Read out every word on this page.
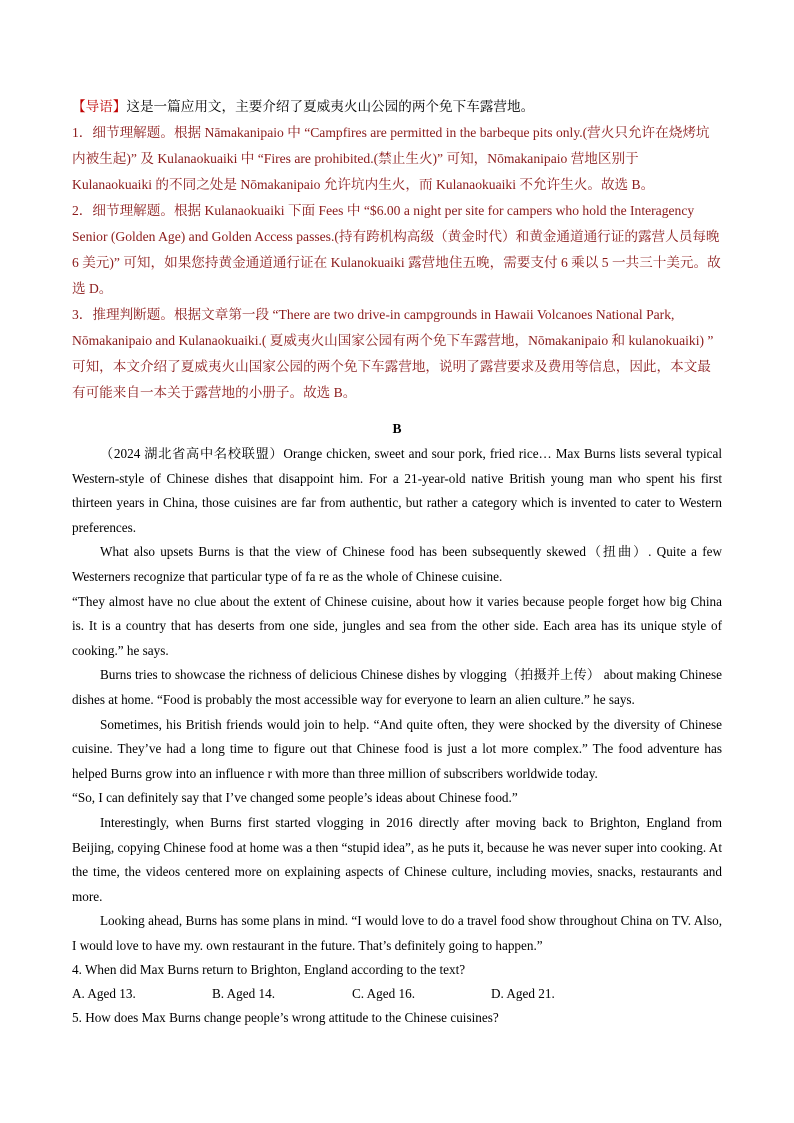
【导语】这是一篇应用文，主要介绍了夏威夷火山公园的两个免下车露营地。

1．细节理解题。根据 Nāmakanipaio 中 “Campfires are permitted in the barbeque pits only.(营火只允许在烧烤坑内被生起)” 及 Kulanaokuaiki 中 “Fires are prohibited.(禁止生火)” 可知，Nōmakanipaio 营地区别于 Kulanaokuaiki 的不同之处是 Nōmakanipaio 允许坑内生火，而 Kulanaokuaiki 不允许生火。故选 B。

2．细节理解题。根据 Kulanaokuaiki 下面 Fees 中 “$6.00 a night per site for campers who hold the Interagency Senior (Golden Age) and Golden Access passes.(持有跨机构高级（黄金时代）和黄金通道通行证的露营人员每晚 6 美元)” 可知，如果您持黄金通道通行证在 Kulanokuaiki 露营地住五晚，需要支付 6 乘以 5 一共三十美元。故选 D。

3．推理判断题。根据文章第一段 “There are two drive-in campgrounds in Hawaii Volcanoes National Park, Nōmakanipaio and Kulanaokuaiki.( 夏威夷火山国家公园有两个免下车露营地，Nōmakanipaio 和 kulanokuaiki) ” 可知，本文介绍了夏威夷火山国家公园的两个免下车露营地，说明了露营要求及费用等信息，因此，本文最有可能来自一本关于露营地的小册子。故选 B。

B

（2024 湖北省高中名校联盟）Orange chicken, sweet and sour pork, fried rice… Max Burns lists several typical Western-style of Chinese dishes that disappoint him. For a 21-year-old native British young man who spent his first thirteen years in China, those cuisines are far from authentic, but rather a category which is invented to cater to Western preferences.

What also upsets Burns is that the view of Chinese food has been subsequently skewed（扭曲）. Quite a few Westerners recognize that particular type of fa re as the whole of Chinese cuisine.

“They almost have no clue about the extent of Chinese cuisine, about how it varies because people forget how big China is. It is a country that has deserts from one side, jungles and sea from the other side. Each area has its unique style of cooking.” he says.

Burns tries to showcase the richness of delicious Chinese dishes by vlogging（拍摄并上传） about making Chinese dishes at home. “Food is probably the most accessible way for everyone to learn an alien culture.” he says.

Sometimes, his British friends would join to help. “And quite often, they were shocked by the diversity of Chinese cuisine. They’ve had a long time to figure out that Chinese food is just a lot more complex.” The food adventure has helped Burns grow into an influence r with more than three million of subscribers worldwide today.

“So, I can definitely say that I’ve changed some people’s ideas about Chinese food.”

Interestingly, when Burns first started vlogging in 2016 directly after moving back to Brighton, England from Beijing, copying Chinese food at home was a then “stupid idea”, as he puts it, because he was never super into cooking. At the time, the videos centered more on explaining aspects of Chinese culture, including movies, snacks, restaurants and more.

Looking ahead, Burns has some plans in mind. “I would love to do a travel food show throughout China on TV. Also, I would love to have my. own restaurant in the future. That’s definitely going to happen.”

4. When did Max Burns return to Brighton, England according to the text?
A. Aged 13.	B. Aged 14.	C. Aged 16.	D. Aged 21.
5. How does Max Burns change people’s wrong attitude to the Chinese cuisines?
